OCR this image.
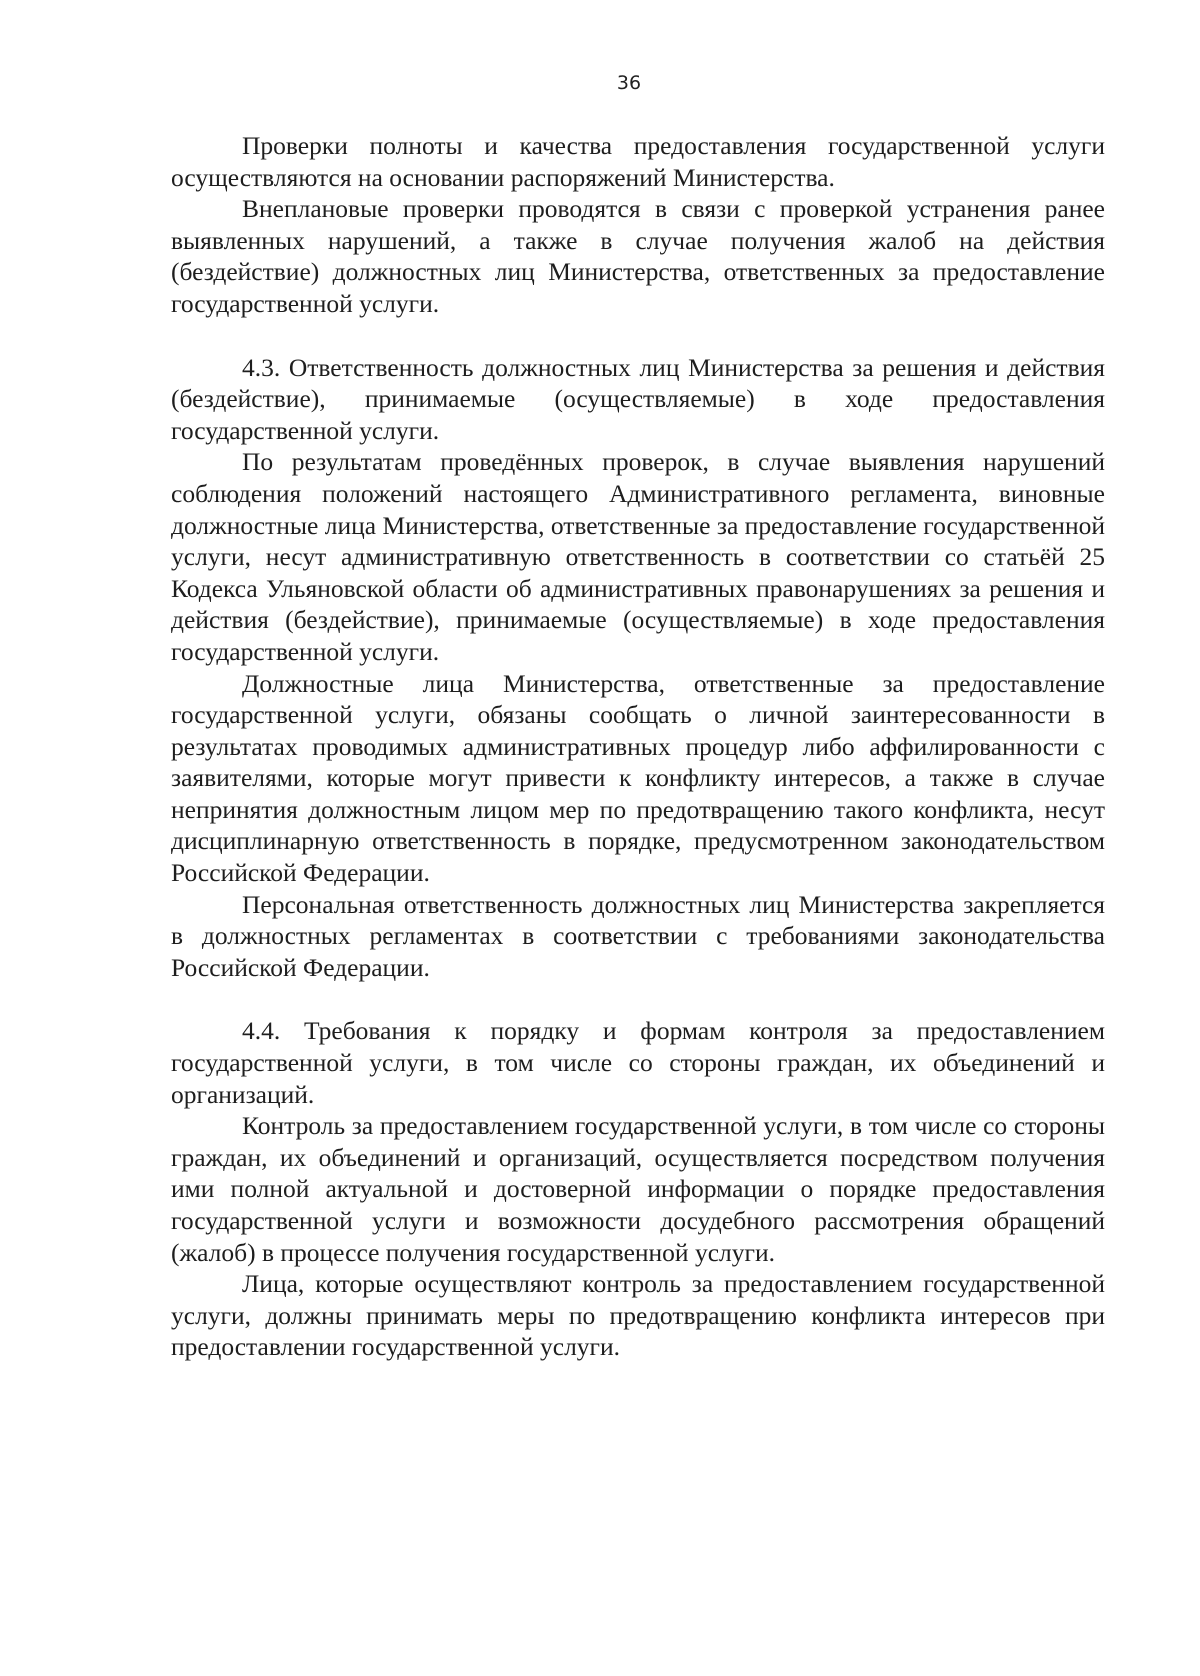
36

Проверки полноты и качества предоставления государственной услуги осуществляются на основании распоряжений Министерства.

Внеплановые проверки проводятся в связи с проверкой устранения ранее выявленных нарушений, а также в случае получения жалоб на действия (бездействие) должностных лиц Министерства, ответственных за предоставление государственной услуги.

4.3. Ответственность должностных лиц Министерства за решения и действия (бездействие), принимаемые (осуществляемые) в ходе предоставления государственной услуги.

По результатам проведённых проверок, в случае выявления нарушений соблюдения положений настоящего Административного регламента, виновные должностные лица Министерства, ответственные за предоставление государственной услуги, несут административную ответственность в соответствии со статьёй 25 Кодекса Ульяновской области об административных правонарушениях за решения и действия (бездействие), принимаемые (осуществляемые) в ходе предоставления государственной услуги.

Должностные лица Министерства, ответственные за предоставление государственной услуги, обязаны сообщать о личной заинтересованности в результатах проводимых административных процедур либо аффилированности с заявителями, которые могут привести к конфликту интересов, а также в случае непринятия должностным лицом мер по предотвращению такого конфликта, несут дисциплинарную ответственность в порядке, предусмотренном законодательством Российской Федерации.

Персональная ответственность должностных лиц Министерства закрепляется в должностных регламентах в соответствии с требованиями законодательства Российской Федерации.

4.4. Требования к порядку и формам контроля за предоставлением государственной услуги, в том числе со стороны граждан, их объединений и организаций.

Контроль за предоставлением государственной услуги, в том числе со стороны граждан, их объединений и организаций, осуществляется посредством получения ими полной актуальной и достоверной информации о порядке предоставления государственной услуги и возможности досудебного рассмотрения обращений (жалоб) в процессе получения государственной услуги.

Лица, которые осуществляют контроль за предоставлением государственной услуги, должны принимать меры по предотвращению конфликта интересов при предоставлении государственной услуги.
